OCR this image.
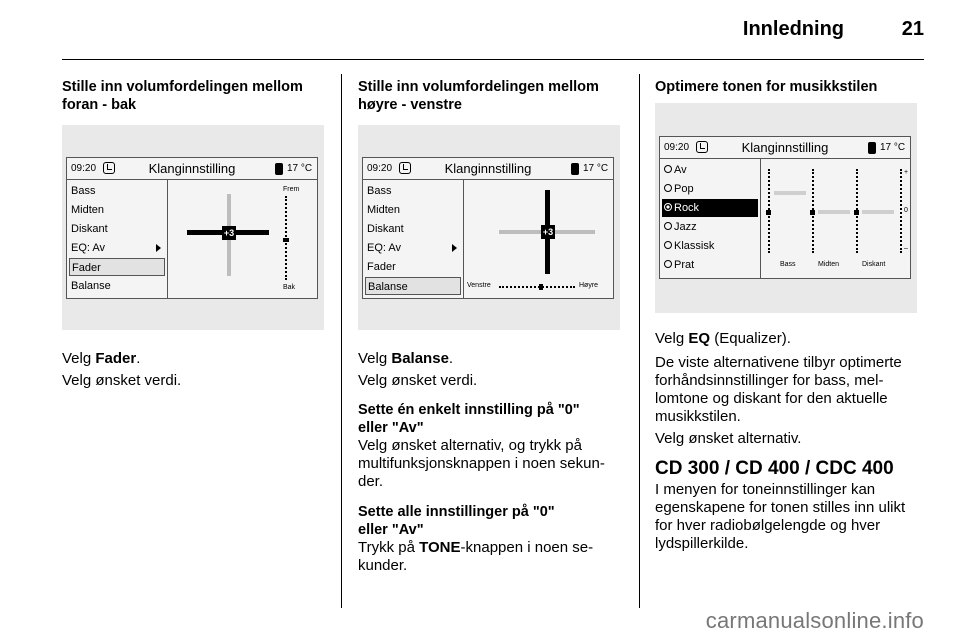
Innledning	21
Stille inn volumfordelingen mellom foran - bak
09:20	Klanginnstilling	17 °C
Bass
Midten
Diskant
EQ: Av
Fader
Balanse
+3
Frem
Bak
Velg Fader.
Velg ønsket verdi.
Stille inn volumfordelingen mellom høyre - venstre
09:20	Klanginnstilling	17 °C
Bass
Midten
Diskant
EQ: Av
Fader
Balanse
+3
Venstre	Høyre
Velg Balanse.
Velg ønsket verdi.
Sette én enkelt innstilling på "0"
eller "Av"
Velg ønsket alternativ, og trykk på
multifunksjonsknappen i noen sekun-
der.
Sette alle innstillinger på "0"
eller "Av"
Trykk på TONE-knappen i noen se-
kunder.
Optimere tonen for musikkstilen
09:20	Klanginnstilling	17 °C
Av
Pop
Rock
Jazz
Klassisk
Prat
+
0
–
Bass	Midten	Diskant
Velg EQ (Equalizer).
De viste alternativene tilbyr optimerte
forhåndsinnstillinger for bass, mel-
lomtone og diskant for den aktuelle
musikkstilen.
Velg ønsket alternativ.
CD 300 / CD 400 / CDC 400
I menyen for toneinnstillinger kan
egenskapene for tonen stilles inn ulikt
for hver radiobølgelengde og hver
lydspillerkilde.
carmanualsonline.info
